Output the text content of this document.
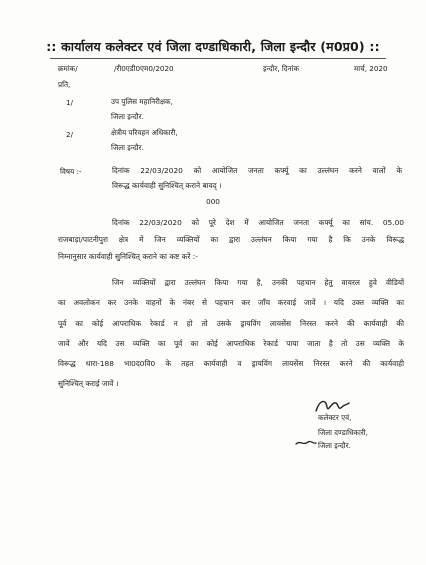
:: कार्यालय कलेक्टर एवं जिला दण्डाधिकारी, जिला इन्दौर (म0प्र0) ::
क्रमांक/	/री0एडी0एम0/2020	इन्दौर, दिनांक	मार्च, 2020
प्रति,
1/	उप पुलिस महानिरीक्षक,
जिला इन्दौर.
2/	क्षेत्रीय परिवहन अधिकारी,
जिला इन्दौर.
विषय :-	दिनांक 22/03/2020 को आयोजित जनता कर्फ्यू का उल्लंघन करने वालों के
विरूद्ध कार्यवाही सुनिश्चित् कराने बावद् ।
000
दिनांक 22/03/2020 को पूरे देश में आयोजित जनता कर्फ्यू का सांय. 05.00
राजबाड़ा/पाटनीपुरा क्षेत्र में जिन व्यक्तियों का द्वारा उल्लंघन किया गया है कि उनके विरूद्ध
निम्नानुसार कार्यवाही सुनिश्चित् कराने का कष्ट करें :-
जिन व्यक्तियों द्वारा उल्लंघन किया गया है, उनकी पहचान हेतु वायरल हुवे वीडियों
का अवलोकन कर उनके वाहनों के नंबर से पहचान कर जाँच करवाई जावें । यदि उक्त व्यक्ति का
पूर्व का कोई आपराधिक रेकार्ड न हो तो उसके ड्रायविंग लायसेंस निरस्त करने की कार्यवाही की
जावें और यदि उस व्यक्ति का पूर्व का कोई आपराधिक रेकार्ड पाया जाता है तो उस व्यक्ति के
विरूद्ध धारा-188 भा0द0वि0 के तहत कार्यवाही व ड्रायविंग लायसेंस निरस्त करने की कार्यवाही
सुनिश्चित् कराई जावें ।
कलेक्टर एवं,
जिला दण्डाधिकारी,
जिला इन्दौर.
